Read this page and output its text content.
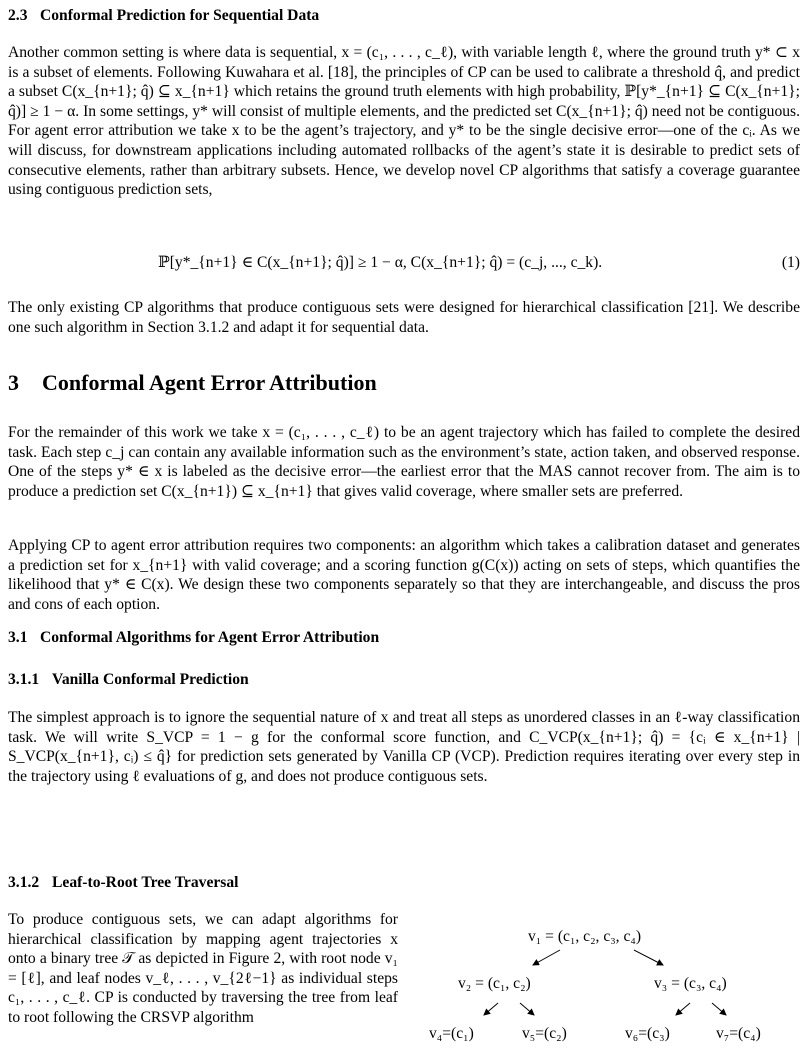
2.3 Conformal Prediction for Sequential Data

Another common setting is where data is sequential, x = (c₁, . . . , c_ℓ), with variable length ℓ, where the ground truth y* ⊂ x is a subset of elements. Following Kuwahara et al. [18], the principles of CP can be used to calibrate a threshold q̂, and predict a subset C(x_{n+1}; q̂) ⊆ x_{n+1} which retains the ground truth elements with high probability, ℙ[y*_{n+1} ⊆ C(x_{n+1}; q̂)] ≥ 1 − α. In some settings, y* will consist of multiple elements, and the predicted set C(x_{n+1}; q̂) need not be contiguous. For agent error attribution we take x to be the agent’s trajectory, and y* to be the single decisive error—one of the cᵢ. As we will discuss, for downstream applications including automated rollbacks of the agent’s state it is desirable to predict sets of consecutive elements, rather than arbitrary subsets. Hence, we develop novel CP algorithms that satisfy a coverage guarantee using contiguous prediction sets,

ℙ[y*_{n+1} ∈ C(x_{n+1}; q̂)] ≥ 1 − α, C(x_{n+1}; q̂) = (c_j, ..., c_k).	(1)

The only existing CP algorithms that produce contiguous sets were designed for hierarchical classification [21]. We describe one such algorithm in Section 3.1.2 and adapt it for sequential data.

3 Conformal Agent Error Attribution

For the remainder of this work we take x = (c₁, . . . , c_ℓ) to be an agent trajectory which has failed to complete the desired task. Each step c_j can contain any available information such as the environment’s state, action taken, and observed response. One of the steps y* ∈ x is labeled as the decisive error—the earliest error that the MAS cannot recover from. The aim is to produce a prediction set C(x_{n+1}) ⊆ x_{n+1} that gives valid coverage, where smaller sets are preferred.

Applying CP to agent error attribution requires two components: an algorithm which takes a calibration dataset and generates a prediction set for x_{n+1} with valid coverage; and a scoring function g(C(x)) acting on sets of steps, which quantifies the likelihood that y* ∈ C(x). We design these two components separately so that they are interchangeable, and discuss the pros and cons of each option.

3.1 Conformal Algorithms for Agent Error Attribution
3.1.1 Vanilla Conformal Prediction

The simplest approach is to ignore the sequential nature of x and treat all steps as unordered classes in an ℓ-way classification task. We will write S_VCP = 1 − g for the conformal score function, and C_VCP(x_{n+1}; q̂) = {cᵢ ∈ x_{n+1} | S_VCP(x_{n+1}, cᵢ) ≤ q̂} for prediction sets generated by Vanilla CP (VCP). Prediction requires iterating over every step in the trajectory using ℓ evaluations of g, and does not produce contiguous sets.

3.1.2 Leaf-to-Root Tree Traversal

To produce contiguous sets, we can adapt algorithms for hierarchical classification by mapping agent trajectories x onto a binary tree 𝒯 as depicted in Figure 2, with root node v₁ = [ℓ], and leaf nodes v_ℓ, . . . , v_{2ℓ−1} as individual steps c₁, . . . , c_ℓ. CP is conducted by traversing the tree from leaf to root following the CRSVP algorithm

v₁ = (c₁, c₂, c₃, c₄)
v₂ = (c₁, c₂)	v₃ = (c₃, c₄)
v₄=(c₁)	v₅=(c₂)	v₆=(c₃)	v₇=(c₄)
